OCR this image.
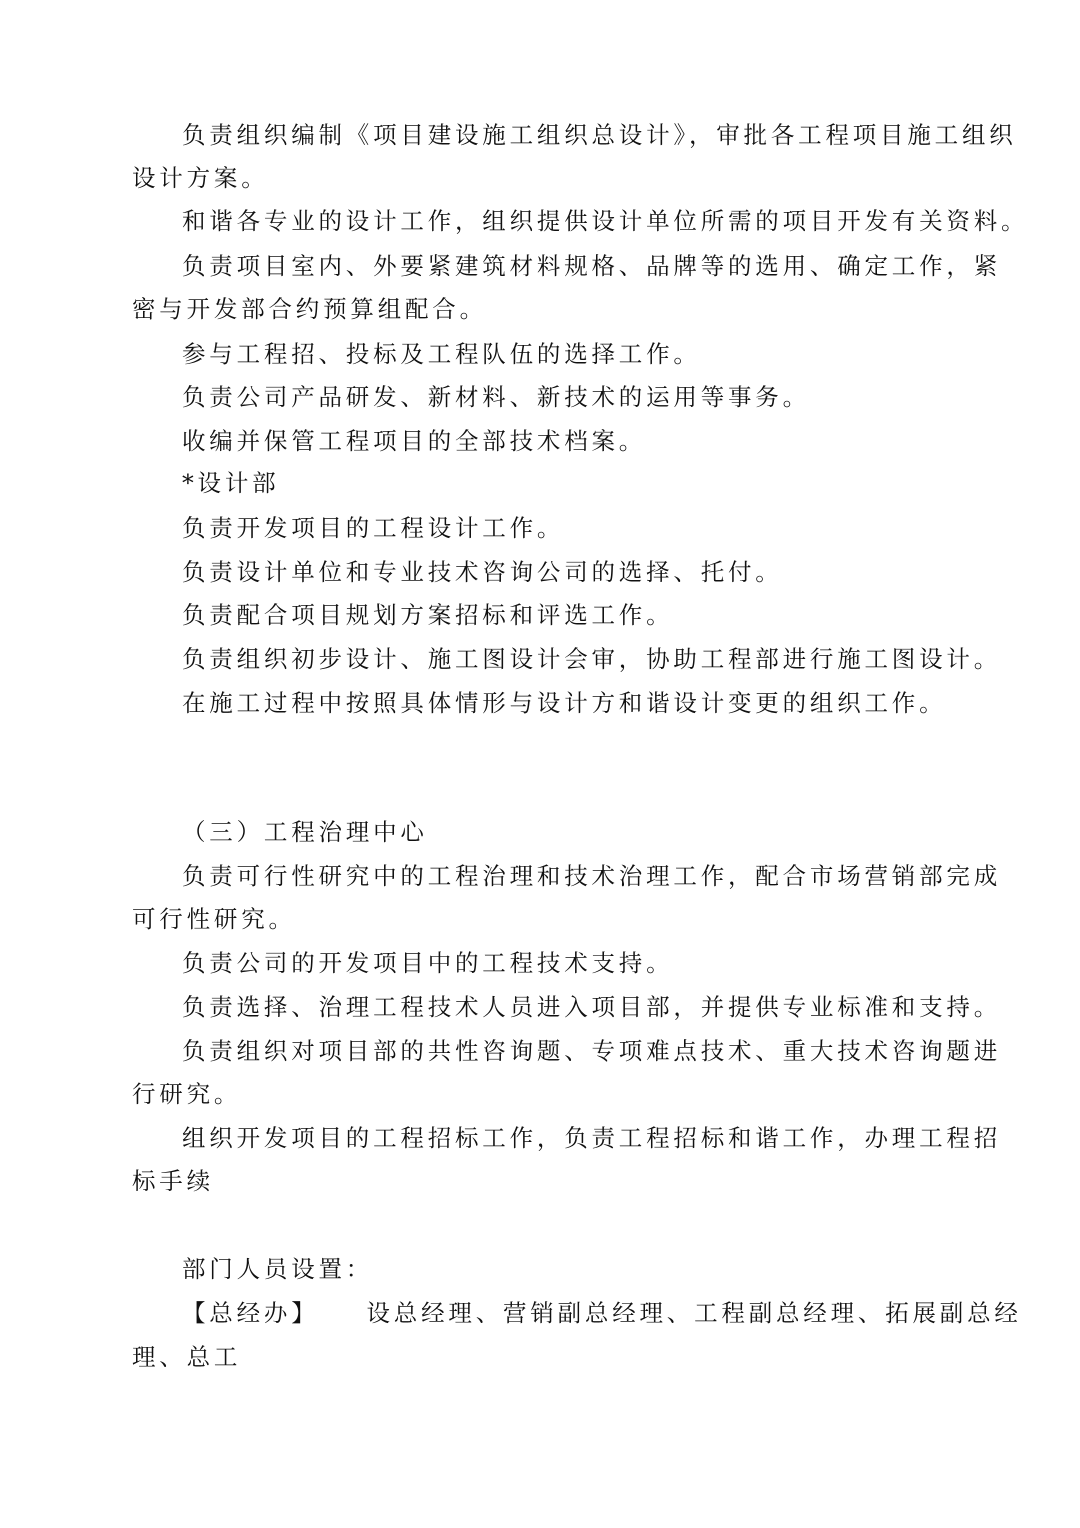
负责组织编制《项目建设施工组织总设计》，审批各工程项目施工组织

设计方案。

和谐各专业的设计工作，组织提供设计单位所需的项目开发有关资料。

负责项目室内、外要紧建筑材料规格、品牌等的选用、确定工作，紧

密与开发部合约预算组配合。

参与工程招、投标及工程队伍的选择工作。

负责公司产品研发、新材料、新技术的运用等事务。

收编并保管工程项目的全部技术档案。

*设计部

负责开发项目的工程设计工作。

负责设计单位和专业技术咨询公司的选择、托付。

负责配合项目规划方案招标和评选工作。

负责组织初步设计、施工图设计会审，协助工程部进行施工图设计。

在施工过程中按照具体情形与设计方和谐设计变更的组织工作。

（三）工程治理中心

负责可行性研究中的工程治理和技术治理工作，配合市场营销部完成

可行性研究。

负责公司的开发项目中的工程技术支持。

负责选择、治理工程技术人员进入项目部，并提供专业标准和支持。

负责组织对项目部的共性咨询题、专项难点技术、重大技术咨询题进

行研究。

组织开发项目的工程招标工作，负责工程招标和谐工作，办理工程招

标手续

部门人员设置：

【总经办】 设总经理、营销副总经理、工程副总经理、拓展副总经

理、总工
